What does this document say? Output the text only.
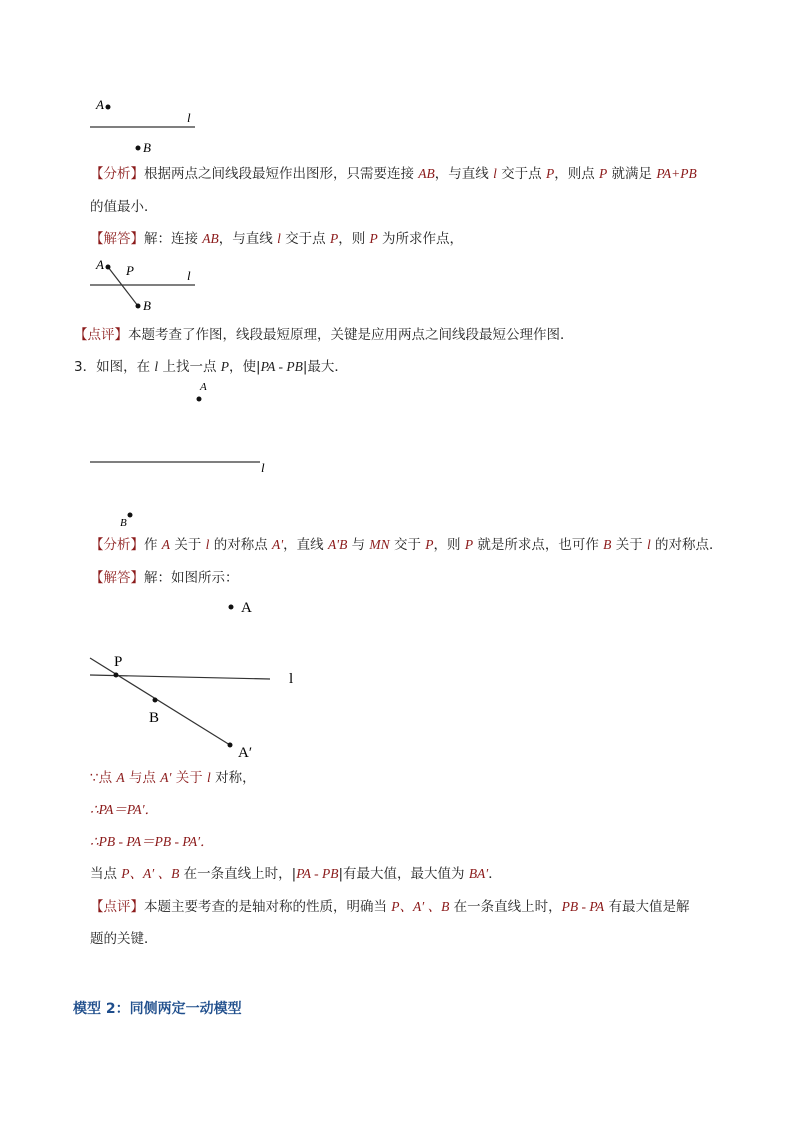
A
l
B
【分析】根据两点之间线段最短作出图形，只需要连接 AB，与直线 l 交于点 P，则点 P 就满足 PA+PB
的值最小．
【解答】解：连接 AB，与直线 l 交于点 P，则 P 为所求作点，
A P	l
B
【点评】本题考查了作图，线段最短原理，关键是应用两点之间线段最短公理作图．
3．如图，在 l 上找一点 P，使|PA - PB|最大．
A
l
B
【分析】作 A 关于 l 的对称点 A'，直线 A'B 与 MN 交于 P，则 P 就是所求点，也可作 B 关于 l 的对称点．
【解答】解：如图所示：
A
P
l
B
A′
∵点 A 与点 A′ 关于 l 对称，
∴PA＝PA′．
∴PB - PA＝PB - PA′．
当点 P、A′ 、B 在一条直线上时，|PA - PB|有最大值，最大值为 BA′．
【点评】本题主要考查的是轴对称的性质，明确当 P、A′ 、B 在一条直线上时，PB - PA 有最大值是解
题的关键．
模型 2：同侧两定一动模型
